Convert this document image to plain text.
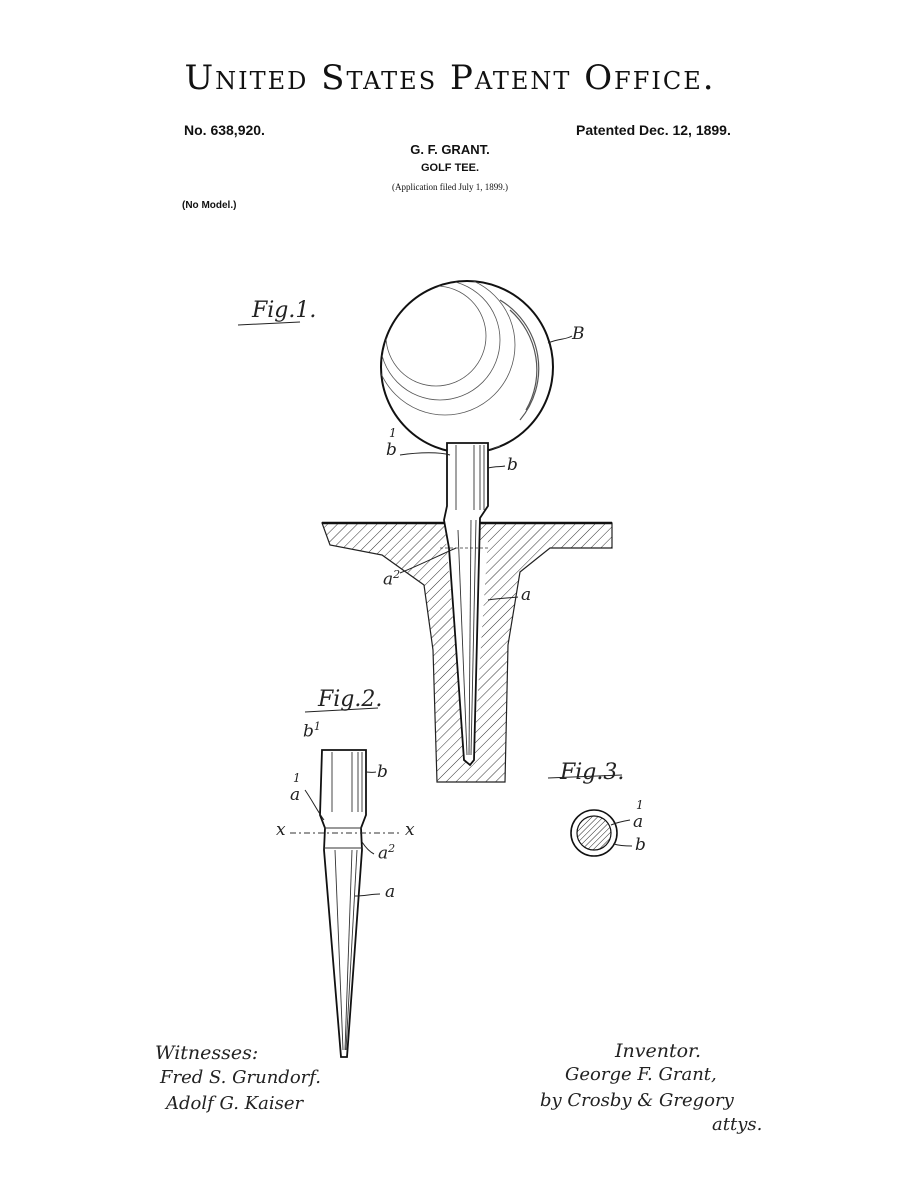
United States Patent Office.
No. 638,920.	Patented Dec. 12, 1899.
G. F. GRANT.
GOLF TEE.
(Application filed July 1, 1899.)
(No Model.)
Fig.1.
B
1
b
b
$a^2$
a
Fig.2.
$b^1$
b
1
a
x	x
$a^2$
a
Fig.3.
1
a
b
Witnesses:
Fred S. Grundorf.
Adolf G. Kaiser
Inventor.
George F. Grant,
by Crosby & Gregory
attys.
